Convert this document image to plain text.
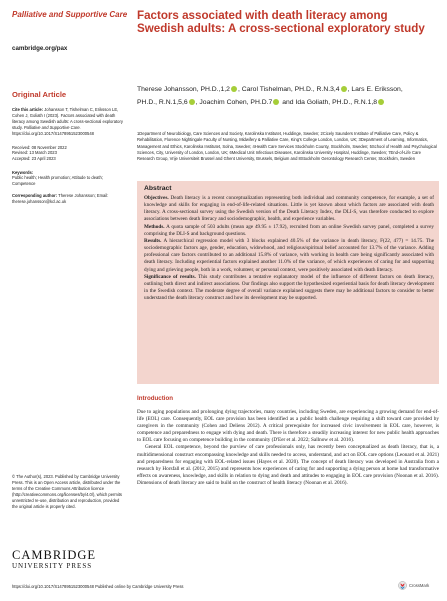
Palliative and Supportive Care
cambridge.org/pax
Factors associated with death literacy among Swedish adults: A cross-sectional exploratory study
Therese Johansson, PH.D.,1,2 , Carol Tishelman, PH.D., R.N.3,4 , Lars E. Eriksson,
PH.D., R.N.1,5,6 , Joachim Cohen, PH.D.7 and Ida Goliath, PH.D., R.N.1,8
1Department of Neurobiology, Care Sciences and Society, Karolinska Institutet, Huddinge, Sweden; 2Cicely Saunders Institute of Palliative Care, Policy & Rehabilitation, Florence Nightingale Faculty of Nursing, Midwifery & Palliative Care, King's College London, London, UK; 3Department of Learning, Informatics, Management and Ethics, Karolinska Institutet, Solna, Sweden; 4Health Care Services Stockholm County, Stockholm, Sweden; 5School of Health and Psychological Sciences, City, University of London, London, UK; 6Medical Unit Infectious Diseases, Karolinska University Hospital, Huddinge, Sweden; 7End-of-Life Care Research Group, Vrije Universiteit Brussel and Ghent University, Brussels, Belgium and 8Stockholm Gerontology Research Center, Stockholm, Sweden
Original Article
Cite this article: Johansson T, Tishelman C, Eriksson LE, Cohen J, Goliath I (2023). Factors associated with death literacy among Swedish adults: A cross-sectional exploratory study. Palliative and Supportive Care. https://doi.org/10.1017/S1478951523000548
Received: 08 November 2022
Revised: 13 March 2023
Accepted: 23 April 2023
Keywords:
Public health; Health promotion; Attitude to death; Competence
Corresponding author: Therese Johansson; Email: therese.johansson@kcl.ac.uk
© The Author(s), 2023. Published by Cambridge University Press. This is an Open Access article, distributed under the terms of the Creative Commons Attribution licence (http://creativecommons.org/licenses/by/4.0/), which permits unrestricted re-use, distribution and reproduction, provided the original article is properly cited.
CAMBRIDGE
UNIVERSITY PRESS
Abstract

Objectives. Death literacy is a recent conceptualization representing both individual and community competence, for example, a set of knowledge and skills for engaging in end-of-life-related situations. Little is yet known about which factors are associated with death literacy. A cross-sectional survey using the Swedish version of the Death Literacy Index, the DLI-S, was therefore conducted to explore associations between death literacy and sociodemographic, health, and experience variables.

Methods. A quota sample of 503 adults (mean age 49.95 ± 17.92), recruited from an online Swedish survey panel, completed a survey comprising the DLI-S and background questions.

Results. A hierarchical regression model with 3 blocks explained 40.5% of the variance in death literacy, F(22, 477) = 14.75. The sociodemographic factors age, gender, education, widowhood, and religious/spiritual belief accounted for 13.7% of the variance. Adding professional care factors contributed to an additional 15.8% of variance, with working in health care being significantly associated with death literacy. Including experiential factors explained another 11.0% of the variance, of which experiences of caring for and supporting dying and grieving people, both in a work, volunteer, or personal context, were positively associated with death literacy.

Significance of results. This study contributes a tentative explanatory model of the influence of different factors on death literacy, outlining both direct and indirect associations. Our findings also support the hypothesized experiential basis for death literacy development in the Swedish context. The moderate degree of overall variance explained suggests there may be additional factors to consider to better understand the death literacy construct and how its development may be supported.

Introduction

Due to aging populations and prolonging dying trajectories, many countries, including Sweden, are experiencing a growing demand for end-of-life (EOL) care. Consequently, EOL care provision has been identified as a public health challenge requiring a shift toward care provided by caregivers in the community (Cohen and Deliens 2012). A critical prerequisite for increased civic involvement in EOL care, however, is competence and preparedness to engage with dying and death. There is therefore a steadily increasing interest for new public health approaches to EOL care focusing on competence building in the community (D'Eer et al. 2022; Sallnow et al. 2016).

General EOL competence, beyond the purview of care professionals only, has recently been conceptualized as death literacy, that is, a multidimensional construct encompassing knowledge and skills needed to access, understand, and act on EOL care options (Leonard et al. 2021) and preparedness for engaging with EOL-related issues (Hayes et al. 2020). The concept of death literacy was developed in Australia from a research by Horsfall et al. (2012, 2015) and represents how experiences of caring for and supporting a dying person at home had transformative effects on awareness, knowledge, and skills in relation to dying and death and attitudes to engaging in EOL care provision (Noonan et al. 2016). Dimensions of death literacy are said to build on the construct of health literacy (Noonan et al. 2016).

https://doi.org/10.1017/S1478951523000548 Published online by Cambridge University Press	CrossMark
